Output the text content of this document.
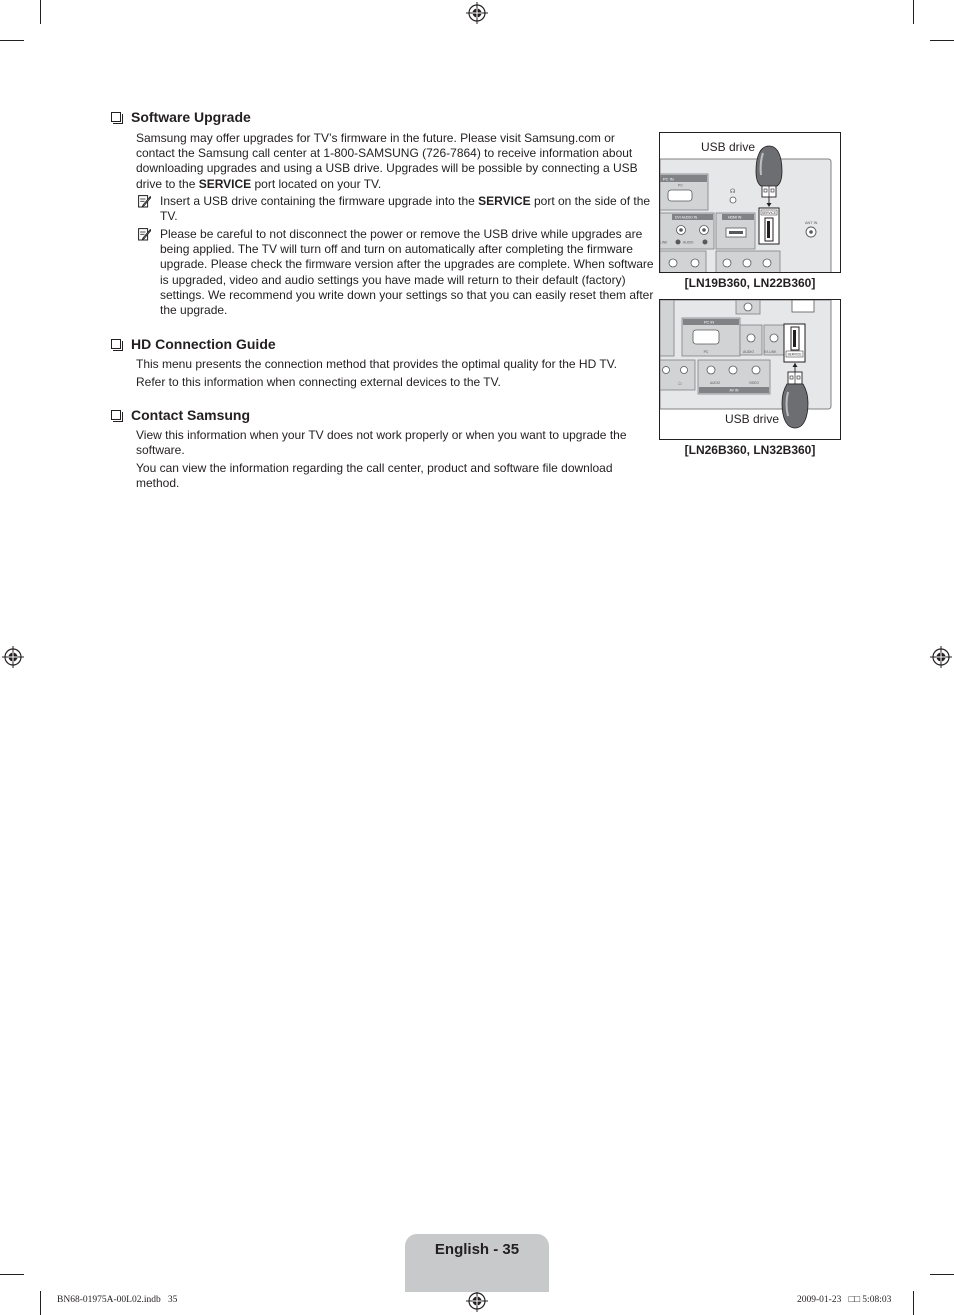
Software Upgrade
Samsung may offer upgrades for TV’s firmware in the future. Please visit Samsung.com or contact the Samsung call center at 1-800-SAMSUNG (726-7864) to receive information about downloading upgrades and using a USB drive. Upgrades will be possible by connecting a USB drive to the SERVICE port located on your TV.
Insert a USB drive containing the firmware upgrade into the SERVICE port on the side of the TV.
Please be careful to not disconnect the power or remove the USB drive while upgrades are being applied. The TV will turn off and turn on automatically after completing the firmware upgrade. Please check the firmware version after the upgrades are complete. When software is upgraded, video and audio settings you have made will return to their default (factory) settings. We recommend you write down your settings so that you can easily reset them after the upgrade.
HD Connection Guide
This menu presents the connection method that provides the optimal quality for the HD TV.
Refer to this information when connecting external devices to the TV.
Contact Samsung
View this information when your TV does not work properly or when you want to upgrade the software.
You can view the information regarding the call center, product and software file download method.
PC IN
PC
☊
DVI AUDIO IN
AUDIO
LINK
HDMI IN
SERVICE
ANT IN
USB drive
[LN19B360, LN22B360]
⌂
PC IN
PC	AUDIO	EX-LINK
AUDIO	VIDEO
AV IN
SERVICE
USB drive
[LN26B360, LN32B360]
English - 35
BN68-01975A-00L02.indb   35	2009-01-23   □□ 5:08:03
